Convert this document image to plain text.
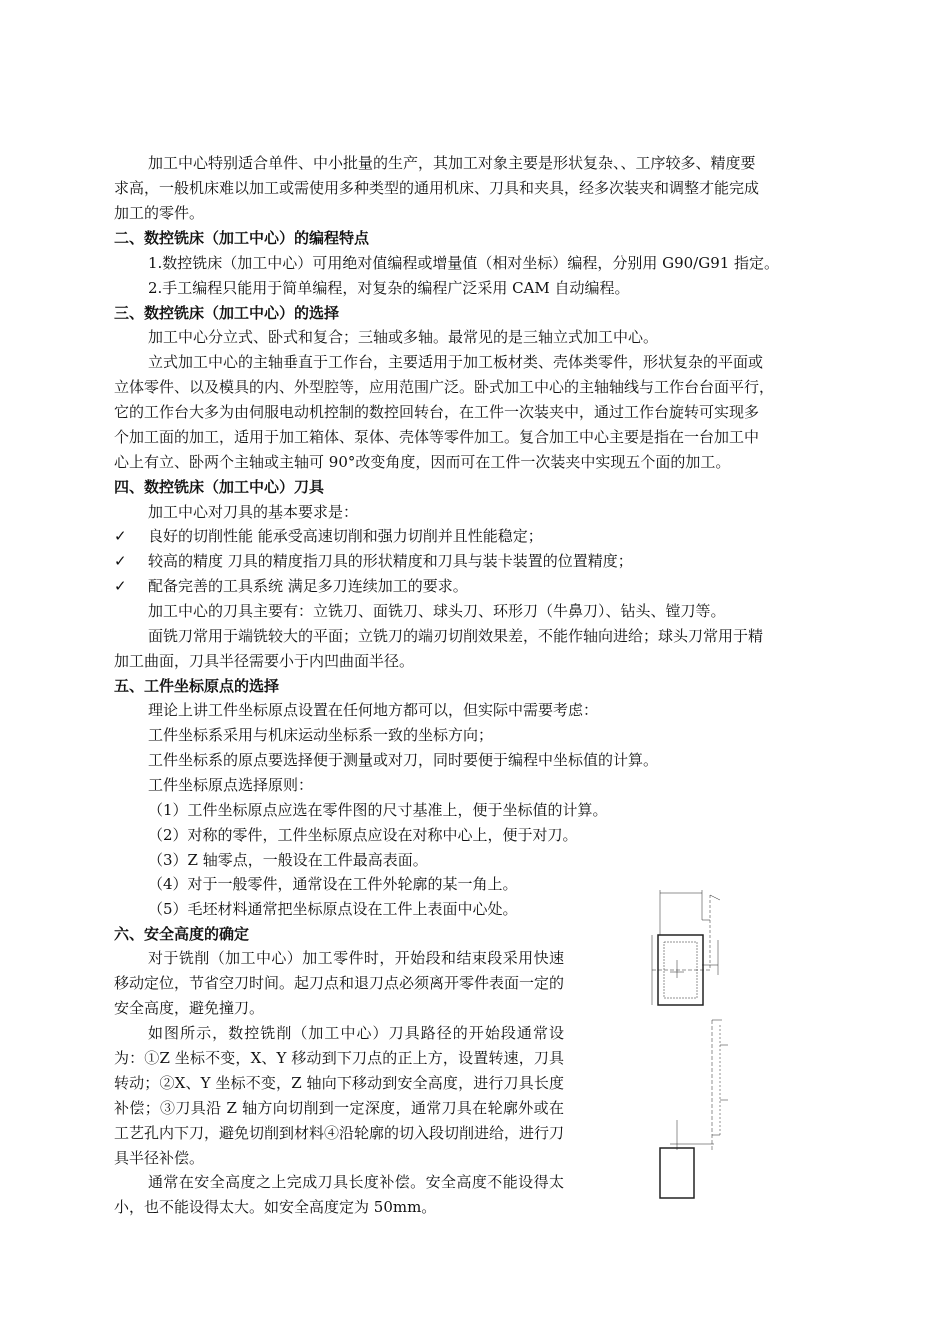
加工中心特别适合单件、中小批量的生产，其加工对象主要是形状复杂、、工序较多、精度要

求高，一般机床难以加工或需使用多种类型的通用机床、刀具和夹具，经多次装夹和调整才能完成

加工的零件。

二、数控铣床（加工中心）的编程特点

1.数控铣床（加工中心）可用绝对值编程或增量值（相对坐标）编程，分别用 G90/G91 指定。

2.手工编程只能用于简单编程，对复杂的编程广泛采用 CAM 自动编程。

三、数控铣床（加工中心）的选择

加工中心分立式、卧式和复合；三轴或多轴。最常见的是三轴立式加工中心。

立式加工中心的主轴垂直于工作台，主要适用于加工板材类、壳体类零件，形状复杂的平面或

立体零件、以及模具的内、外型腔等，应用范围广泛。卧式加工中心的主轴轴线与工作台台面平行，

它的工作台大多为由伺服电动机控制的数控回转台，在工件一次装夹中，通过工作台旋转可实现多

个加工面的加工，适用于加工箱体、泵体、壳体等零件加工。复合加工中心主要是指在一台加工中

心上有立、卧两个主轴或主轴可 90°改变角度，因而可在工件一次装夹中实现五个面的加工。

四、数控铣床（加工中心）刀具

加工中心对刀具的基本要求是：

✓ 良好的切削性能 能承受高速切削和强力切削并且性能稳定；

✓ 较高的精度 刀具的精度指刀具的形状精度和刀具与装卡装置的位置精度；

✓ 配备完善的工具系统 满足多刀连续加工的要求。

加工中心的刀具主要有：立铣刀、面铣刀、球头刀、环形刀（牛鼻刀）、钻头、镗刀等。

面铣刀常用于端铣较大的平面；立铣刀的端刃切削效果差，不能作轴向进给；球头刀常用于精

加工曲面，刀具半径需要小于内凹曲面半径。

五、工件坐标原点的选择

理论上讲工件坐标原点设置在任何地方都可以，但实际中需要考虑：

工件坐标系采用与机床运动坐标系一致的坐标方向；

工件坐标系的原点要选择便于测量或对刀，同时要便于编程中坐标值的计算。

工件坐标原点选择原则：

（1）工件坐标原点应选在零件图的尺寸基准上，便于坐标值的计算。

（2）对称的零件，工件坐标原点应设在对称中心上，便于对刀。

（3）Z 轴零点，一般设在工件最高表面。

（4）对于一般零件，通常设在工件外轮廓的某一角上。

（5）毛坯材料通常把坐标原点设在工件上表面中心处。

六、安全高度的确定

对于铣削（加工中心）加工零件时，开始段和结束段采用快速移动定位，节省空刀时间。起刀点和退刀点必须离开零件表面一定的安全高度，避免撞刀。

如图所示，数控铣削（加工中心）刀具路径的开始段通常设为：①Z 坐标不变，X、Y 移动到下刀点的正上方，设置转速，刀具转动；②X、Y 坐标不变，Z 轴向下移动到安全高度，进行刀具长度补偿；③刀具沿 Z 轴方向切削到一定深度，通常刀具在轮廓外或在工艺孔内下刀，避免切削到材料④沿轮廓的切入段切削进给，进行刀具半径补偿。

通常在安全高度之上完成刀具长度补偿。安全高度不能设得太小，也不能设得太大。如安全高度定为 50mm。
